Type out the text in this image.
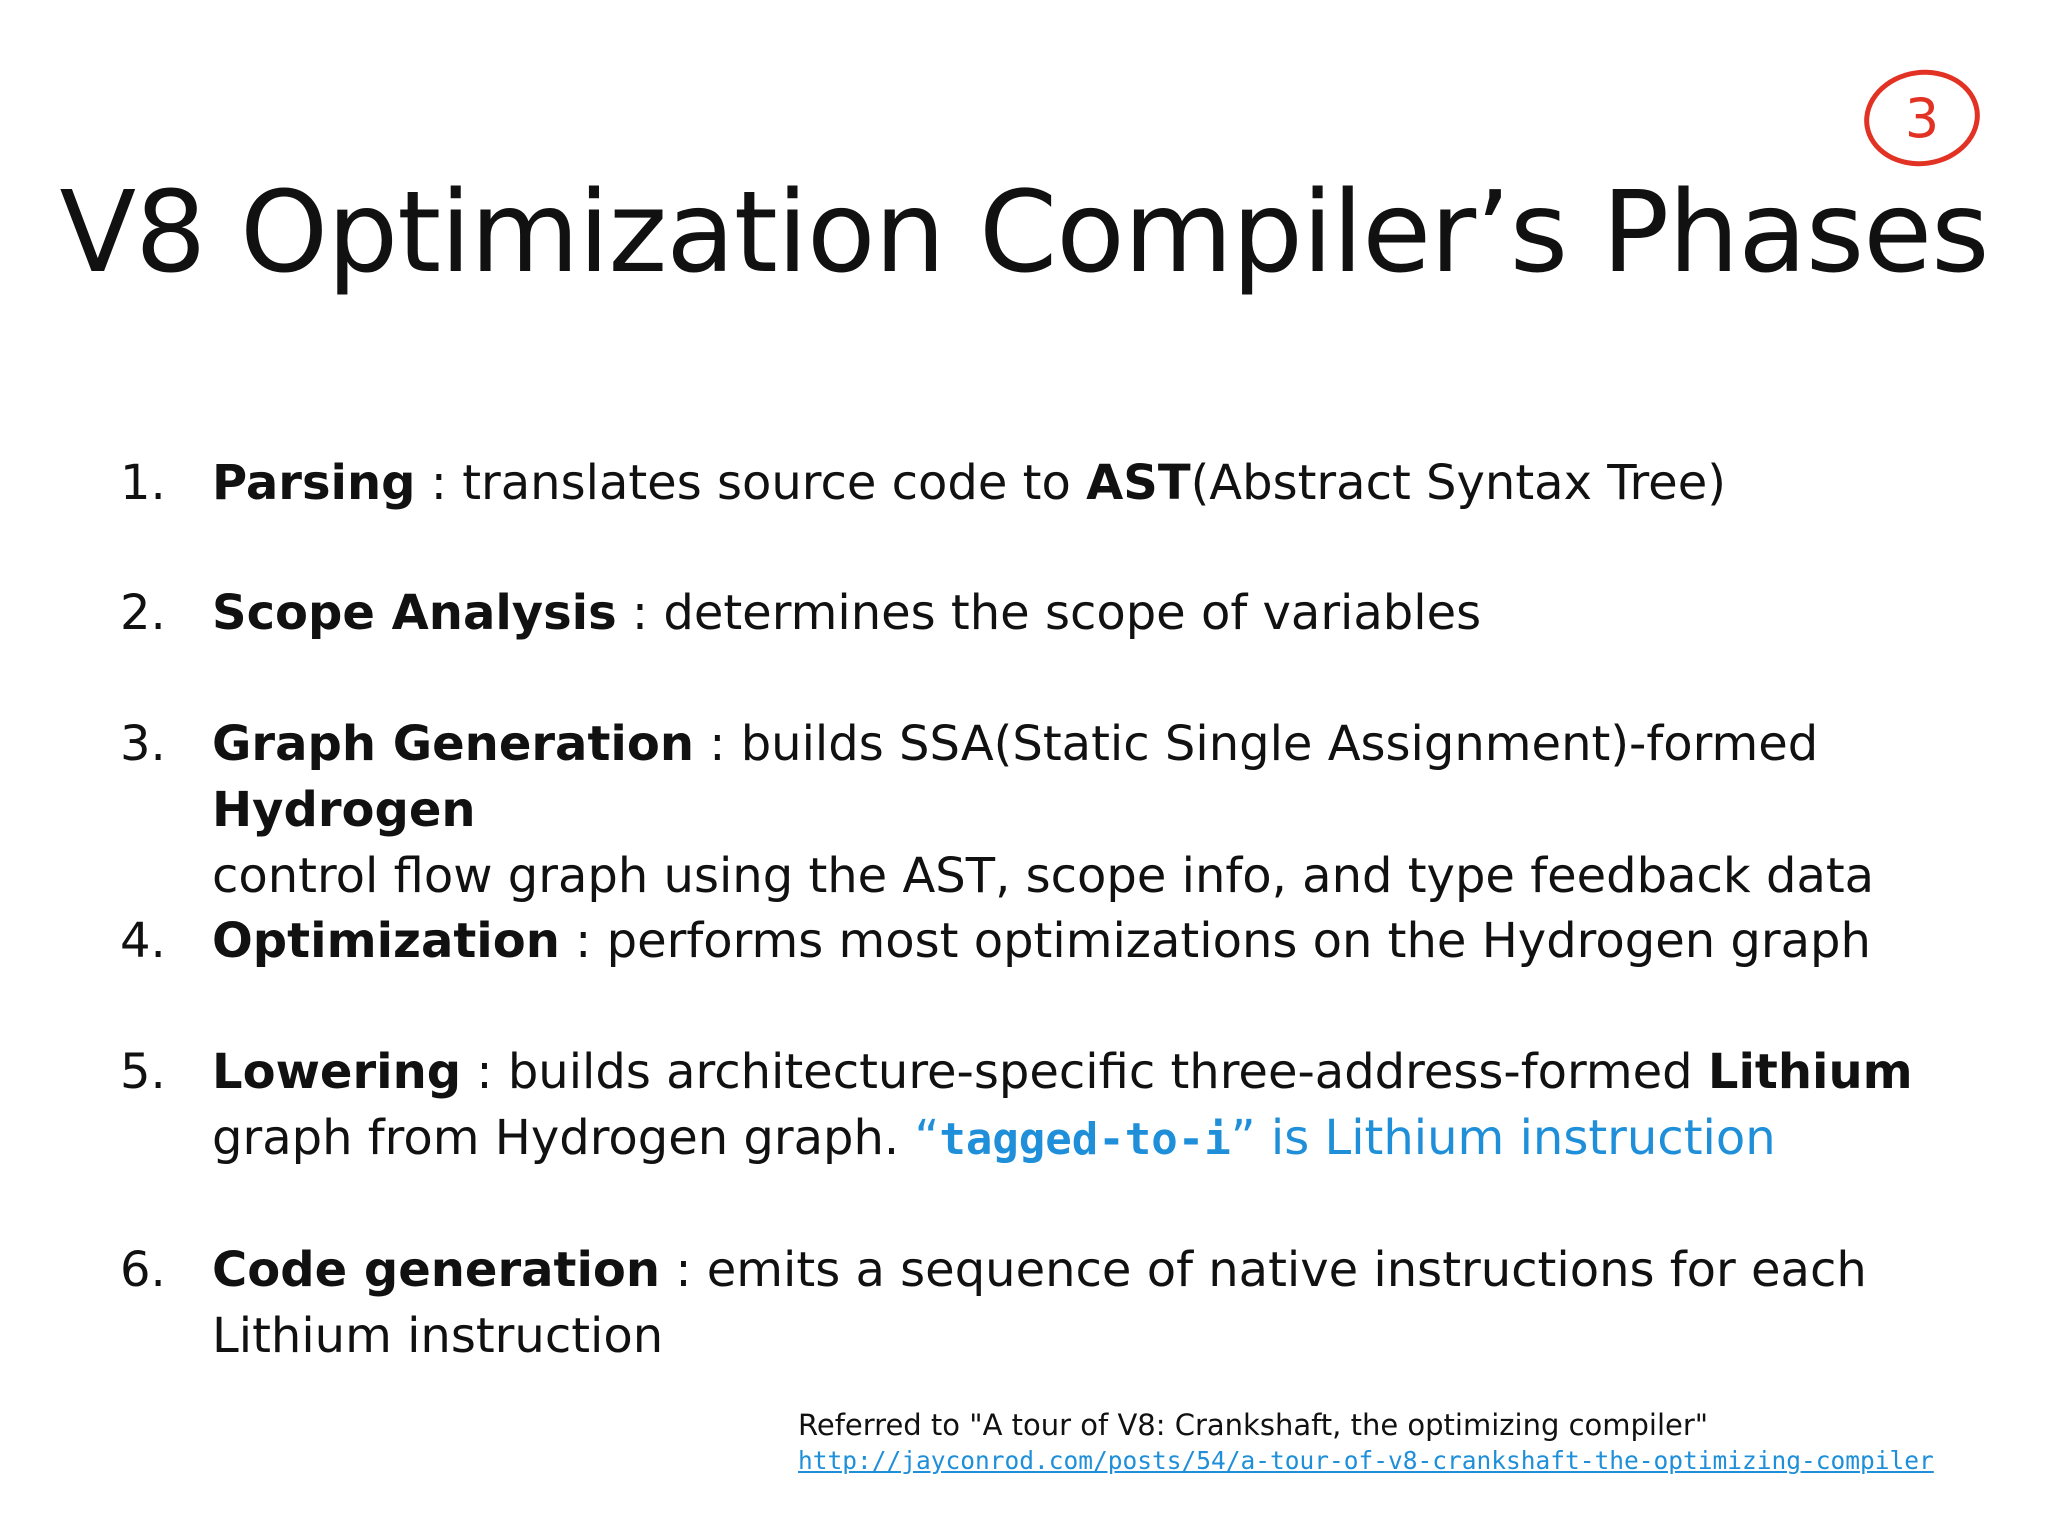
V8 Optimization Compiler’s Phases
3
1. Parsing : translates source code to AST(Abstract Syntax Tree)
2. Scope Analysis : determines the scope of variables
3. Graph Generation : builds SSA(Static Single Assignment)-formed Hydrogen
control flow graph using the AST, scope info, and type feedback data
4. Optimization : performs most optimizations on the Hydrogen graph
5. Lowering : builds architecture-specific three-address-formed Lithium
graph from Hydrogen graph. “tagged-to-i” is Lithium instruction
6. Code generation : emits a sequence of native instructions for each Lithium instruction
Referred to "A tour of V8: Crankshaft, the optimizing compiler"
http://jayconrod.com/posts/54/a-tour-of-v8-crankshaft-the-optimizing-compiler
